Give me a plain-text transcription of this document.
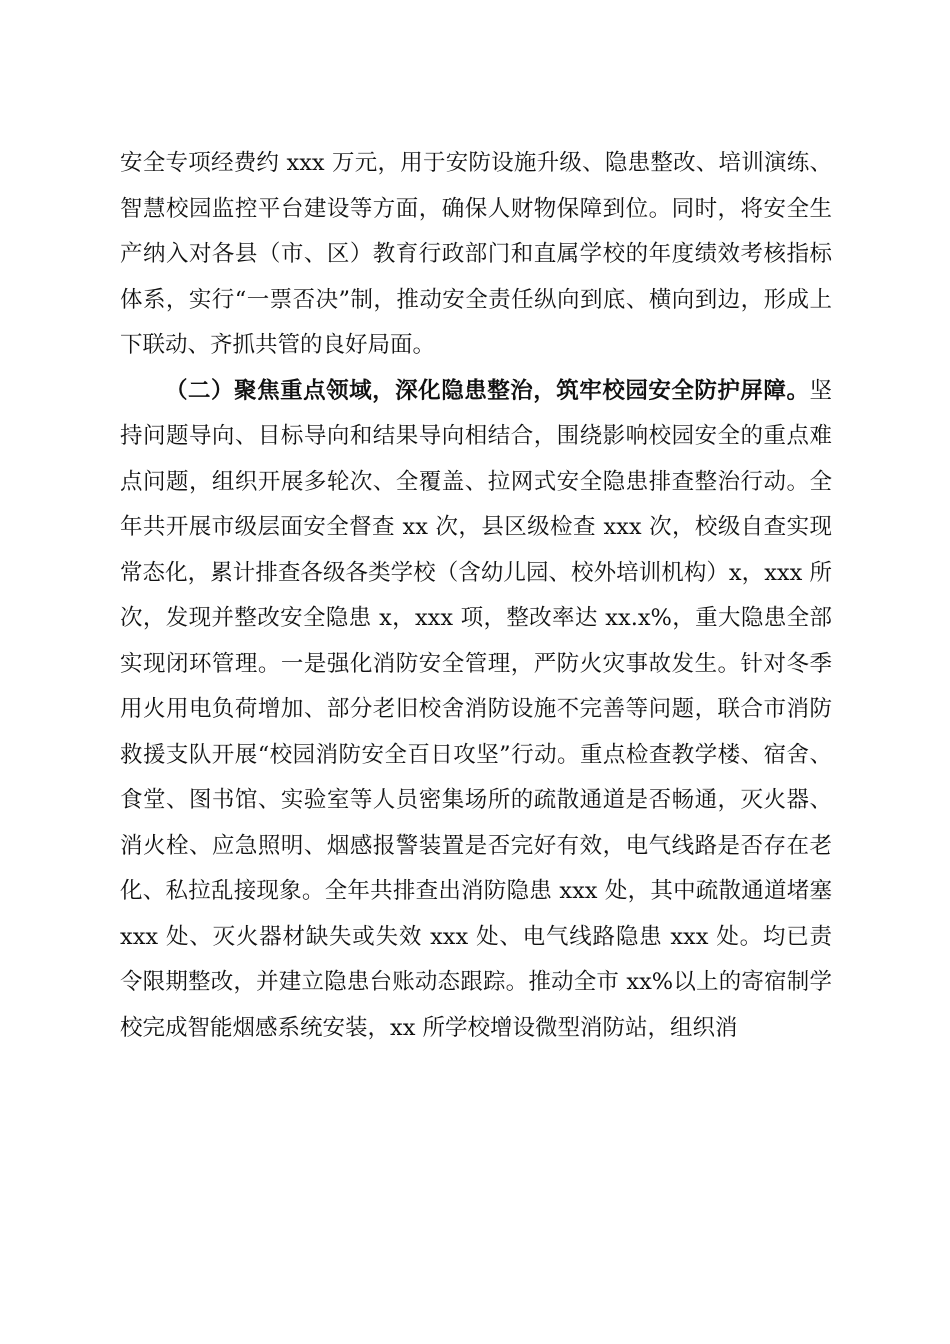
安全专项经费约 xxx 万元，用于安防设施升级、隐患整改、培训演练、智慧校园监控平台建设等方面，确保人财物保障到位。同时，将安全生产纳入对各县（市、区）教育行政部门和直属学校的年度绩效考核指标体系，实行“一票否决”制，推动安全责任纵向到底、横向到边，形成上下联动、齐抓共管的良好局面。

（二）聚焦重点领域，深化隐患整治，筑牢校园安全防护屏障。坚持问题导向、目标导向和结果导向相结合，围绕影响校园安全的重点难点问题，组织开展多轮次、全覆盖、拉网式安全隐患排查整治行动。全年共开展市级层面安全督查 xx 次，县区级检查 xxx 次，校级自查实现常态化，累计排查各级各类学校（含幼儿园、校外培训机构）x，xxx 所次，发现并整改安全隐患 x，xxx 项，整改率达 xx.x%，重大隐患全部实现闭环管理。一是强化消防安全管理，严防火灾事故发生。针对冬季用火用电负荷增加、部分老旧校舍消防设施不完善等问题，联合市消防救援支队开展“校园消防安全百日攻坚”行动。重点检查教学楼、宿舍、食堂、图书馆、实验室等人员密集场所的疏散通道是否畅通，灭火器、消火栓、应急照明、烟感报警装置是否完好有效，电气线路是否存在老化、私拉乱接现象。全年共排查出消防隐患 xxx 处，其中疏散通道堵塞 xxx 处、灭火器材缺失或失效 xxx 处、电气线路隐患 xxx 处。均已责令限期整改，并建立隐患台账动态跟踪。推动全市 xx%以上的寄宿制学校完成智能烟感系统安装，xx 所学校增设微型消防站，组织消
